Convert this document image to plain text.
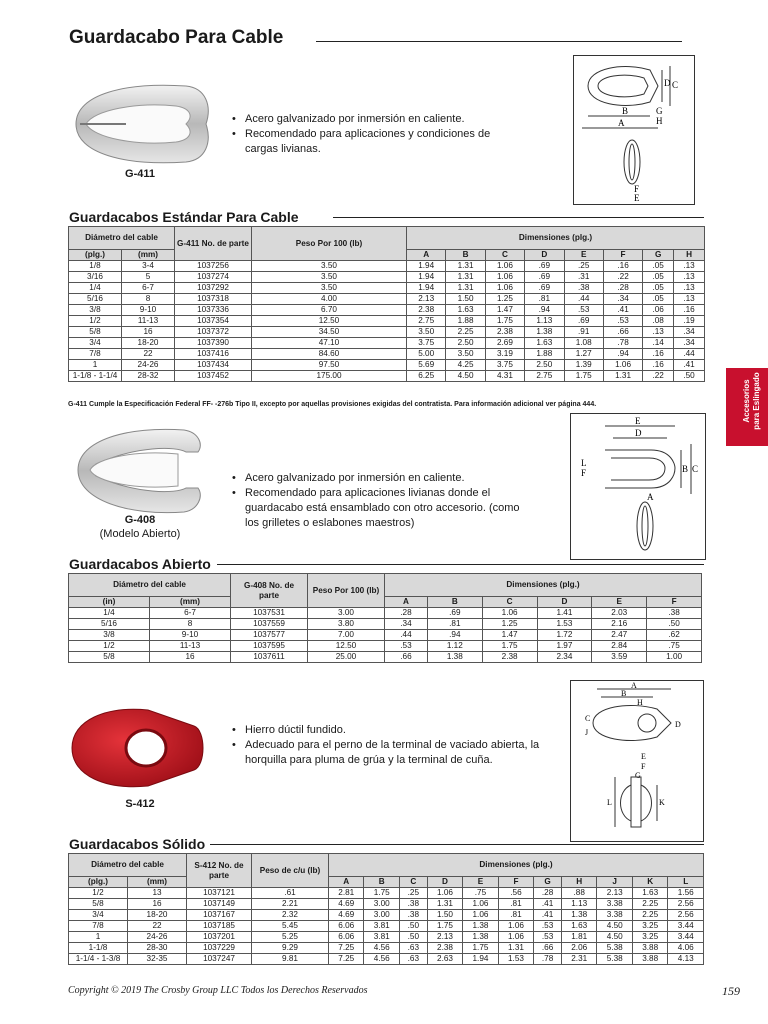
Guardacabo Para Cable
G-411
• Acero galvanizado por inmersión en caliente.
• Recomendado para aplicaciones y condiciones de cargas livianas.
D C
B
A
G
H
F
E
Guardacabos Estándar Para Cable
Diámetro del cable		G-411 No. de parte	Peso Por 100 (lb)	Dimensiones (plg.)							
(plg.)	(mm)			A	B	C	D	E	F	G	H
1/8	3-4	1037256	3.50	1.94	1.31	1.06	.69	.25	.16	.05	.13
3/16	5	1037274	3.50	1.94	1.31	1.06	.69	.31	.22	.05	.13
1/4	6-7	1037292	3.50	1.94	1.31	1.06	.69	.38	.28	.05	.13
5/16	8	1037318	4.00	2.13	1.50	1.25	.81	.44	.34	.05	.13
3/8	9-10	1037336	6.70	2.38	1.63	1.47	.94	.53	.41	.06	.16
1/2	11-13	1037354	12.50	2.75	1.88	1.75	1.13	.69	.53	.08	.19
5/8	16	1037372	34.50	3.50	2.25	2.38	1.38	.91	.66	.13	.34
3/4	18-20	1037390	47.10	3.75	2.50	2.69	1.63	1.08	.78	.14	.34
7/8	22	1037416	84.60	5.00	3.50	3.19	1.88	1.27	.94	.16	.44
1	24-26	1037434	97.50	5.69	4.25	3.75	2.50	1.39	1.06	.16	.41
1-1/8 - 1-1/4	28-32	1037452	175.00	6.25	4.50	4.31	2.75	1.75	1.31	.22	.50
G-411 Cumple la Especificación Federal FF- -276b Tipo II, excepto por aquellas provisiones exigidas del contratista. Para información adicional ver página 444.
G-408
(Modelo Abierto)
• Acero galvanizado por inmersión en caliente.
• Recomendado para aplicaciones livianas donde el guardacabo está ensamblado con otro accesorio. (como los grilletes o eslabones maestros)
E
D
B C
L
F
A
Guardacabos Abierto
Diámetro del cable		G-408 No. de parte	Peso Por 100 (lb)	Dimensiones (plg.)					
(in)	(mm)			A	B	C	D	E	F
1/4	6-7	1037531	3.00	.28	.69	1.06	1.41	2.03	.38
5/16	8	1037559	3.80	.34	.81	1.25	1.53	2.16	.50
3/8	9-10	1037577	7.00	.44	.94	1.47	1.72	2.47	.62
1/2	11-13	1037595	12.50	.53	1.12	1.75	1.97	2.84	.75
5/8	16	1037611	25.00	.66	1.38	2.38	2.34	3.59	1.00
S-412
• Hierro dúctil fundido.
• Adecuado para el perno de la terminal de vaciado abierta, la horquilla para pluma de grúa y la terminal de cuña.
A
B
C
D
H
J
E
F
G
L	K
Guardacabos Sólido
Diámetro del cable		S-412 No. de parte	Peso de c/u (lb)	Dimensiones (plg.)										
(plg.)	(mm)			A	B	C	D	E	F	G	H	J	K	L
1/2	13	1037121	.61	2.81	1.75	.25	1.06	.75	.56	.28	.88	2.13	1.63	1.56
5/8	16	1037149	2.21	4.69	3.00	.38	1.31	1.06	.81	.41	1.13	3.38	2.25	2.56
3/4	18-20	1037167	2.32	4.69	3.00	.38	1.50	1.06	.81	.41	1.38	3.38	2.25	2.56
7/8	22	1037185	5.45	6.06	3.81	.50	1.75	1.38	1.06	.53	1.63	4.50	3.25	3.44
1	24-26	1037201	5.25	6.06	3.81	.50	2.13	1.38	1.06	.53	1.81	4.50	3.25	3.44
1-1/8	28-30	1037229	9.29	7.25	4.56	.63	2.38	1.75	1.31	.66	2.06	5.38	3.88	4.06
1-1/4 - 1-3/8	32-35	1037247	9.81	7.25	4.56	.63	2.63	1.94	1.53	.78	2.31	5.38	3.88	4.13
Accesorios para Eslingado
Copyright © 2019 The Crosby Group LLC Todos los Derechos Reservados	159
